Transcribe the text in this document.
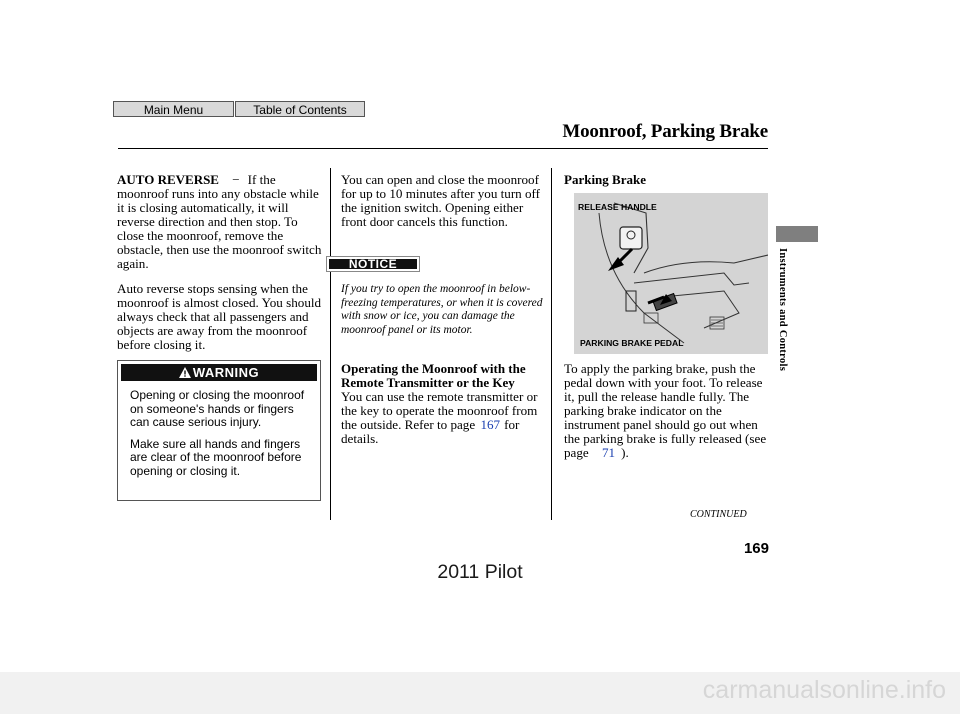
Main Menu	Table of Contents
Moonroof, Parking Brake

AUTO REVERSE − If the moonroof runs into any obstacle while it is closing automatically, it will reverse direction and then stop. To close the moonroof, remove the obstacle, then use the moonroof switch again.

Auto reverse stops sensing when the moonroof is almost closed. You should always check that all passengers and objects are away from the moonroof before closing it.

WARNING

Opening or closing the moonroof on someone's hands or fingers can cause serious injury.

Make sure all hands and fingers are clear of the moonroof before opening or closing it.

You can open and close the moonroof for up to 10 minutes after you turn off the ignition switch. Opening either front door cancels this function.
NOTICE
If you try to open the moonroof in below-freezing temperatures, or when it is covered with snow or ice, you can damage the moonroof panel or its motor.
Operating the Moonroof with the Remote Transmitter or the Key
You can use the remote transmitter or the key to operate the moonroof from the outside. Refer to page 167 for details.
Parking Brake
RELEASE HANDLE
PARKING BRAKE PEDAL
To apply the parking brake, push the pedal down with your foot. To release it, pull the release handle fully. The parking brake indicator on the instrument panel should go out when the parking brake is fully released (see page 71 ).
Instruments and Controls
CONTINUED
169
2011 Pilot
carmanualsonline.info
